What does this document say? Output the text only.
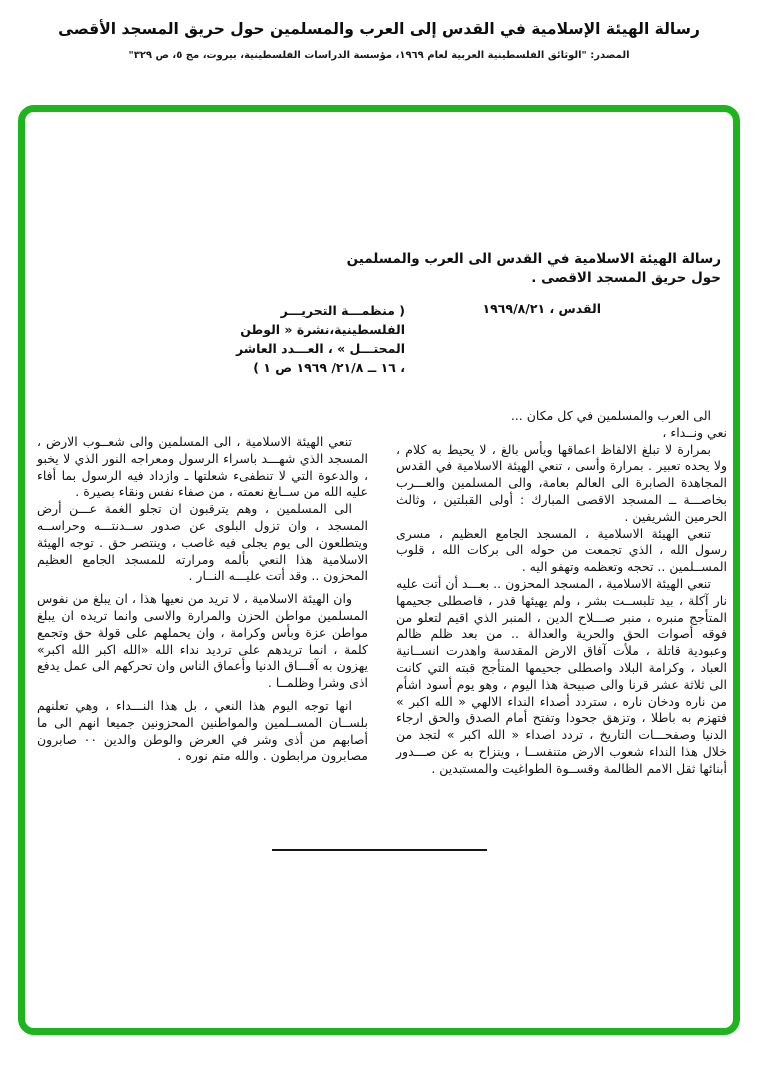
رسالة الهيئة الإسلامية في القدس إلى العرب والمسلمين حول حريق المسجد الأقصى
المصدر: "الوثائق الفلسطينية العربية لعام ١٩٦٩، مؤسسة الدراسات الفلسطينية، بيروت، مج ٥، ص ٣٢٩"
رسالة الهيئة الاسلامية في القدس الى العرب والمسلمين
حول حريق المسجد الاقصى .
القدس ، ١٩٦٩/٨/٢١
( منظمـــة التحريـــر الفلسطينية،نشرة « الوطن المحتـــل » ، العـــدد العاشر ، ١٦ ــ ٢١/٨/ ١٩٦٩ ص ١ )

الى العرب والمسلمين في كل مكان ...

نعي ونــداء ،

بمرارة لا تبلغ الالفاظ اعماقها ويأس بالغ ، لا يحيط به كلام ، ولا يحده تعبير . بمرارة وأسى ، تنعي الهيئة الاسلامية في القدس المجاهدة الصابرة الى العالم بعامة، والى المسلمين والعـــرب بخاصـــة ــ المسجد الاقصى المبارك : أولى القبلتين ، وثالث الحرمين الشريفين .

تنعي الهيئة الاسلامية ، المسجد الجامع العظيم ، مسرى رسول الله ، الذي تجمعت من حوله الى بركات الله ، قلوب المســلمين .. تحجه وتعظمه وتهفو اليه .

تنعي الهيئة الاسلامية ، المسجد المحزون .. بعـــد أن أتت عليه نار آكلة ، بيد تلبســت بشر ، ولم يهيئها قدر ، فاصطلى جحيمها المتأجج منبره ، منبر صـــلاح الدين ، المنبر الذي اقيم لتعلو من فوقه أصوات الحق والحرية والعدالة .. من بعد ظلم ظالم وعبودية قاتلة ، ملأت آفاق الارض المقدسة واهدرت انســانية العباد ، وكرامة البلاد واصطلى جحيمها المتأجج قبته التي كانت الى ثلاثة عشر قرنا والى صبيحة هذا اليوم ، وهو يوم أسود اشأم من ناره ودخان ناره ، ستردد أصداء النداء الالهي « الله اكبر » فتهزم به باطلا ، وتزهق جحودا وتفتح أمام الصدق والحق ارجاء الدنيا وصفحـــات التاريخ ، تردد اصداء « الله اكبر » لتجد من خلال هذا النداء شعوب الارض متنفســا ، وينزاح به عن صـــدور أبنائها ثقل الامم الظالمة وقســوة الطواغيت والمستبدين .

تنعي الهيئة الاسلامية ، الى المسلمين والى شعــوب الارض ، المسجد الذي شهـــد باسراء الرسول ومعراجه النور الذي لا يخبو ، والدعوة التي لا تنطفىء شعلتها ـ وازداد فيه الرسول بما أفاء عليه الله من ســابغ نعمته ، من صفاء نفس ونقاء بصيرة .

الى المسلمين ، وهم يترقبون ان تجلو الغمة عـــن أرض المسجد ، وان تزول البلوى عن صدور ســدنتـــه وحراســه ويتطلعون الى يوم يجلى فيه غاصب ، وينتصر حق . توجه الهيئة الاسلامية هذا النعي بألمه ومرارته للمسجد الجامع العظيم المحزون .. وقد أتت عليـــه النــار .

وان الهيئة الاسلامية ، لا تريد من نعيها هذا ، ان يبلغ من نفوس المسلمين مواطن الحزن والمرارة والاسى وانما تريده ان يبلغ مواطن عزة وبأس وكرامة ، وان يحملهم على قولة حق وتجمع كلمة ، انما تريدهم على ترديد نداء الله «الله اكبر الله اكبر» يهزون به آفـــاق الدنيا وأعماق الناس وان تحركهم الى عمل يدفع اذى وشرا وظلمــا .

انها توجه اليوم هذا النعي ، بل هذا النـــداء ، وهي تعلنهم بلســان المســلمين والمواطنين المحزونين جميعا انهم الى ما أصابهم من أذى وشر في العرض والوطن والدين ٠٠ صابرون مصابرون مرابطون . والله متم نوره .
